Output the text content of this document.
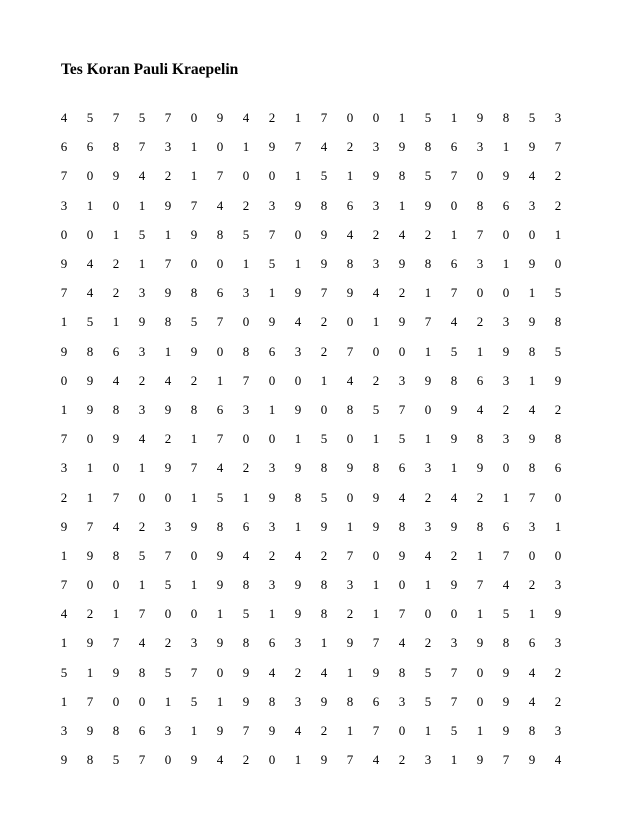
Tes Koran Pauli Kraepelin
4	5	7	5	7	0	9	4	2	1	7	0	0	1	5	1	9	8	5	3
6	6	8	7	3	1	0	1	9	7	4	2	3	9	8	6	3	1	9	7
7	0	9	4	2	1	7	0	0	1	5	1	9	8	5	7	0	9	4	2
3	1	0	1	9	7	4	2	3	9	8	6	3	1	9	0	8	6	3	2
0	0	1	5	1	9	8	5	7	0	9	4	2	4	2	1	7	0	0	1
9	4	2	1	7	0	0	1	5	1	9	8	3	9	8	6	3	1	9	0
7	4	2	3	9	8	6	3	1	9	7	9	4	2	1	7	0	0	1	5
1	5	1	9	8	5	7	0	9	4	2	0	1	9	7	4	2	3	9	8
9	8	6	3	1	9	0	8	6	3	2	7	0	0	1	5	1	9	8	5
0	9	4	2	4	2	1	7	0	0	1	4	2	3	9	8	6	3	1	9
1	9	8	3	9	8	6	3	1	9	0	8	5	7	0	9	4	2	4	2
7	0	9	4	2	1	7	0	0	1	5	0	1	5	1	9	8	3	9	8
3	1	0	1	9	7	4	2	3	9	8	9	8	6	3	1	9	0	8	6
2	1	7	0	0	1	5	1	9	8	5	0	9	4	2	4	2	1	7	0
9	7	4	2	3	9	8	6	3	1	9	1	9	8	3	9	8	6	3	1
1	9	8	5	7	0	9	4	2	4	2	7	0	9	4	2	1	7	0	0
7	0	0	1	5	1	9	8	3	9	8	3	1	0	1	9	7	4	2	3
4	2	1	7	0	0	1	5	1	9	8	2	1	7	0	0	1	5	1	9
1	9	7	4	2	3	9	8	6	3	1	9	7	4	2	3	9	8	6	3
5	1	9	8	5	7	0	9	4	2	4	1	9	8	5	7	0	9	4	2
1	7	0	0	1	5	1	9	8	3	9	8	6	3	5	7	0	9	4	2
3	9	8	6	3	1	9	7	9	4	2	1	7	0	1	5	1	9	8	3
9	8	5	7	0	9	4	2	0	1	9	7	4	2	3	1	9	7	9	4
